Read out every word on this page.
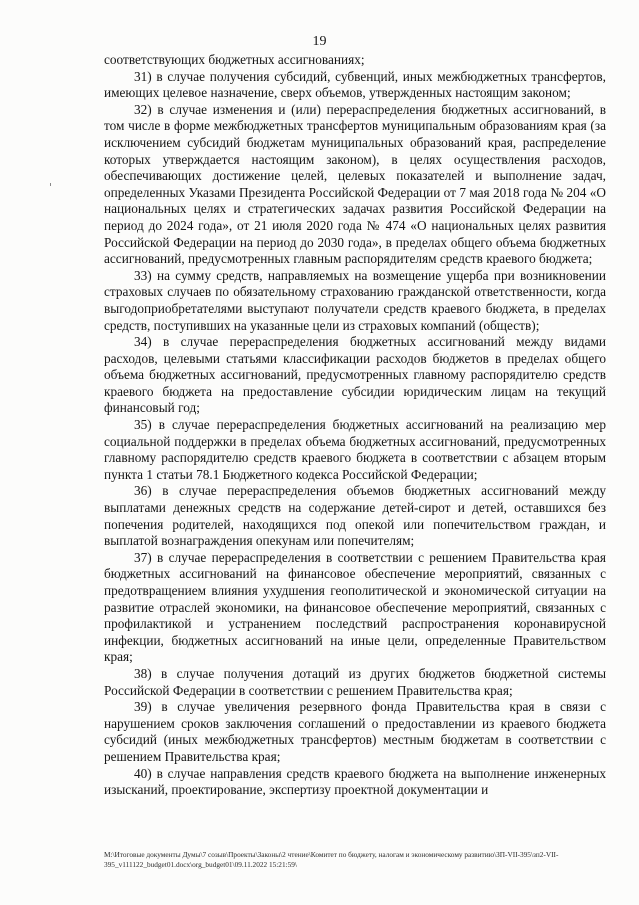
19

соответствующих бюджетных ассигнованиях;

31) в случае получения субсидий, субвенций, иных межбюджетных трансфертов, имеющих целевое назначение, сверх объемов, утвержденных настоящим законом;

32) в случае изменения и (или) перераспределения бюджетных ассигнований, в том числе в форме межбюджетных трансфертов муниципальным образованиям края (за исключением субсидий бюджетам муниципальных образований края, распределение которых утверждается настоящим законом), в целях осуществления расходов, обеспечивающих достижение целей, целевых показателей и выполнение задач, определенных Указами Президента Российской Федерации от 7 мая 2018 года № 204 «О национальных целях и стратегических задачах развития Российской Федерации на период до 2024 года», от 21 июля 2020 года № 474 «О национальных целях развития Российской Федерации на период до 2030 года», в пределах общего объема бюджетных ассигнований, предусмотренных главным распорядителям средств краевого бюджета;

33) на сумму средств, направляемых на возмещение ущерба при возникновении страховых случаев по обязательному страхованию гражданской ответственности, когда выгодоприобретателями выступают получатели средств краевого бюджета, в пределах средств, поступивших на указанные цели из страховых компаний (обществ);

34) в случае перераспределения бюджетных ассигнований между видами расходов, целевыми статьями классификации расходов бюджетов в пределах общего объема бюджетных ассигнований, предусмотренных главному распорядителю средств краевого бюджета на предоставление субсидии юридическим лицам на текущий финансовый год;

35) в случае перераспределения бюджетных ассигнований на реализацию мер социальной поддержки в пределах объема бюджетных ассигнований, предусмотренных главному распорядителю средств краевого бюджета в соответствии с абзацем вторым пункта 1 статьи 78.1 Бюджетного кодекса Российской Федерации;

36) в случае перераспределения объемов бюджетных ассигнований между выплатами денежных средств на содержание детей-сирот и детей, оставшихся без попечения родителей, находящихся под опекой или попечительством граждан, и выплатой вознаграждения опекунам или попечителям;

37) в случае перераспределения в соответствии с решением Правительства края бюджетных ассигнований на финансовое обеспечение мероприятий, связанных с предотвращением влияния ухудшения геополитической и экономической ситуации на развитие отраслей экономики, на финансовое обеспечение мероприятий, связанных с профилактикой и устранением последствий распространения коронавирусной инфекции, бюджетных ассигнований на иные цели, определенные Правительством края;

38) в случае получения дотаций из других бюджетов бюджетной системы Российской Федерации в соответствии с решением Правительства края;

39) в случае увеличения резервного фонда Правительства края в связи с нарушением сроков заключения соглашений о предоставлении из краевого бюджета субсидий (иных межбюджетных трансфертов) местным бюджетам в соответствии с решением Правительства края;

40) в случае направления средств краевого бюджета на выполнение инженерных изысканий, проектирование, экспертизу проектной документации и

M:\Итоговые документы Думы\7 созыв\Проекты\Законы\2 чтение\Комитет по бюджету, налогам и экономическому развитию\ЗП-VII-395\зп2-VII-395_v111122_budget01.docx\org_budget01\09.11.2022 15:21:59\
